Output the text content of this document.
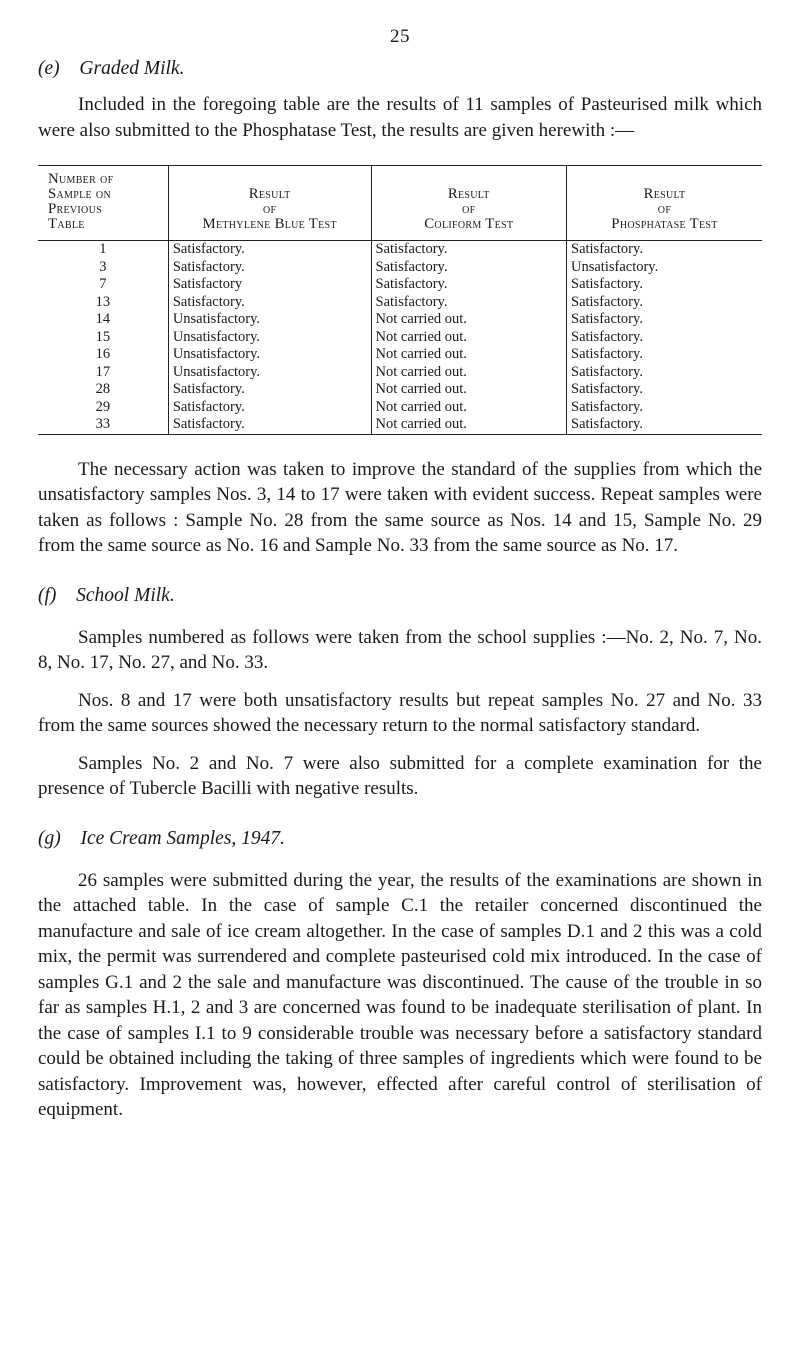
25
(e) Graded Milk.

Included in the foregoing table are the results of 11 samples of Pasteurised milk which were also submitted to the Phosphatase Test, the results are given herewith :—

Number of
Sample on
Previous
Table	Result
of
Methylene Blue Test	Result
of
Coliform Test	Result
of
Phosphatase Test

1	Satisfactory.	Satisfactory.	Satisfactory.
3	Satisfactory.	Satisfactory.	Unsatisfactory.
7	Satisfactory	Satisfactory.	Satisfactory.
13	Satisfactory.	Satisfactory.	Satisfactory.
14	Unsatisfactory.	Not carried out.	Satisfactory.
15	Unsatisfactory.	Not carried out.	Satisfactory.
16	Unsatisfactory.	Not carried out.	Satisfactory.
17	Unsatisfactory.	Not carried out.	Satisfactory.
28	Satisfactory.	Not carried out.	Satisfactory.
29	Satisfactory.	Not carried out.	Satisfactory.
33	Satisfactory.	Not carried out.	Satisfactory.

The necessary action was taken to improve the standard of the supplies from which the unsatisfactory samples Nos. 3, 14 to 17 were taken with evident success. Repeat samples were taken as follows : Sample No. 28 from the same source as Nos. 14 and 15, Sample No. 29 from the same source as No. 16 and Sample No. 33 from the same source as No. 17.

(f) School Milk.

Samples numbered as follows were taken from the school supplies :—No. 2, No. 7, No. 8, No. 17, No. 27, and No. 33.

Nos. 8 and 17 were both unsatisfactory results but repeat samples No. 27 and No. 33 from the same sources showed the necessary return to the normal satisfactory standard.

Samples No. 2 and No. 7 were also submitted for a complete examination for the presence of Tubercle Bacilli with negative results.

(g) Ice Cream Samples, 1947.

26 samples were submitted during the year, the results of the examinations are shown in the attached table. In the case of sample C.1 the retailer concerned discontinued the manufacture and sale of ice cream altogether. In the case of samples D.1 and 2 this was a cold mix, the permit was surrendered and complete pasteurised cold mix introduced. In the case of samples G.1 and 2 the sale and manufacture was discontinued. The cause of the trouble in so far as samples H.1, 2 and 3 are concerned was found to be inadequate sterilisation of plant. In the case of samples I.1 to 9 considerable trouble was necessary before a satisfactory standard could be obtained including the taking of three samples of ingredients which were found to be satisfactory. Improvement was, however, effected after careful control of sterilisation of equipment.
